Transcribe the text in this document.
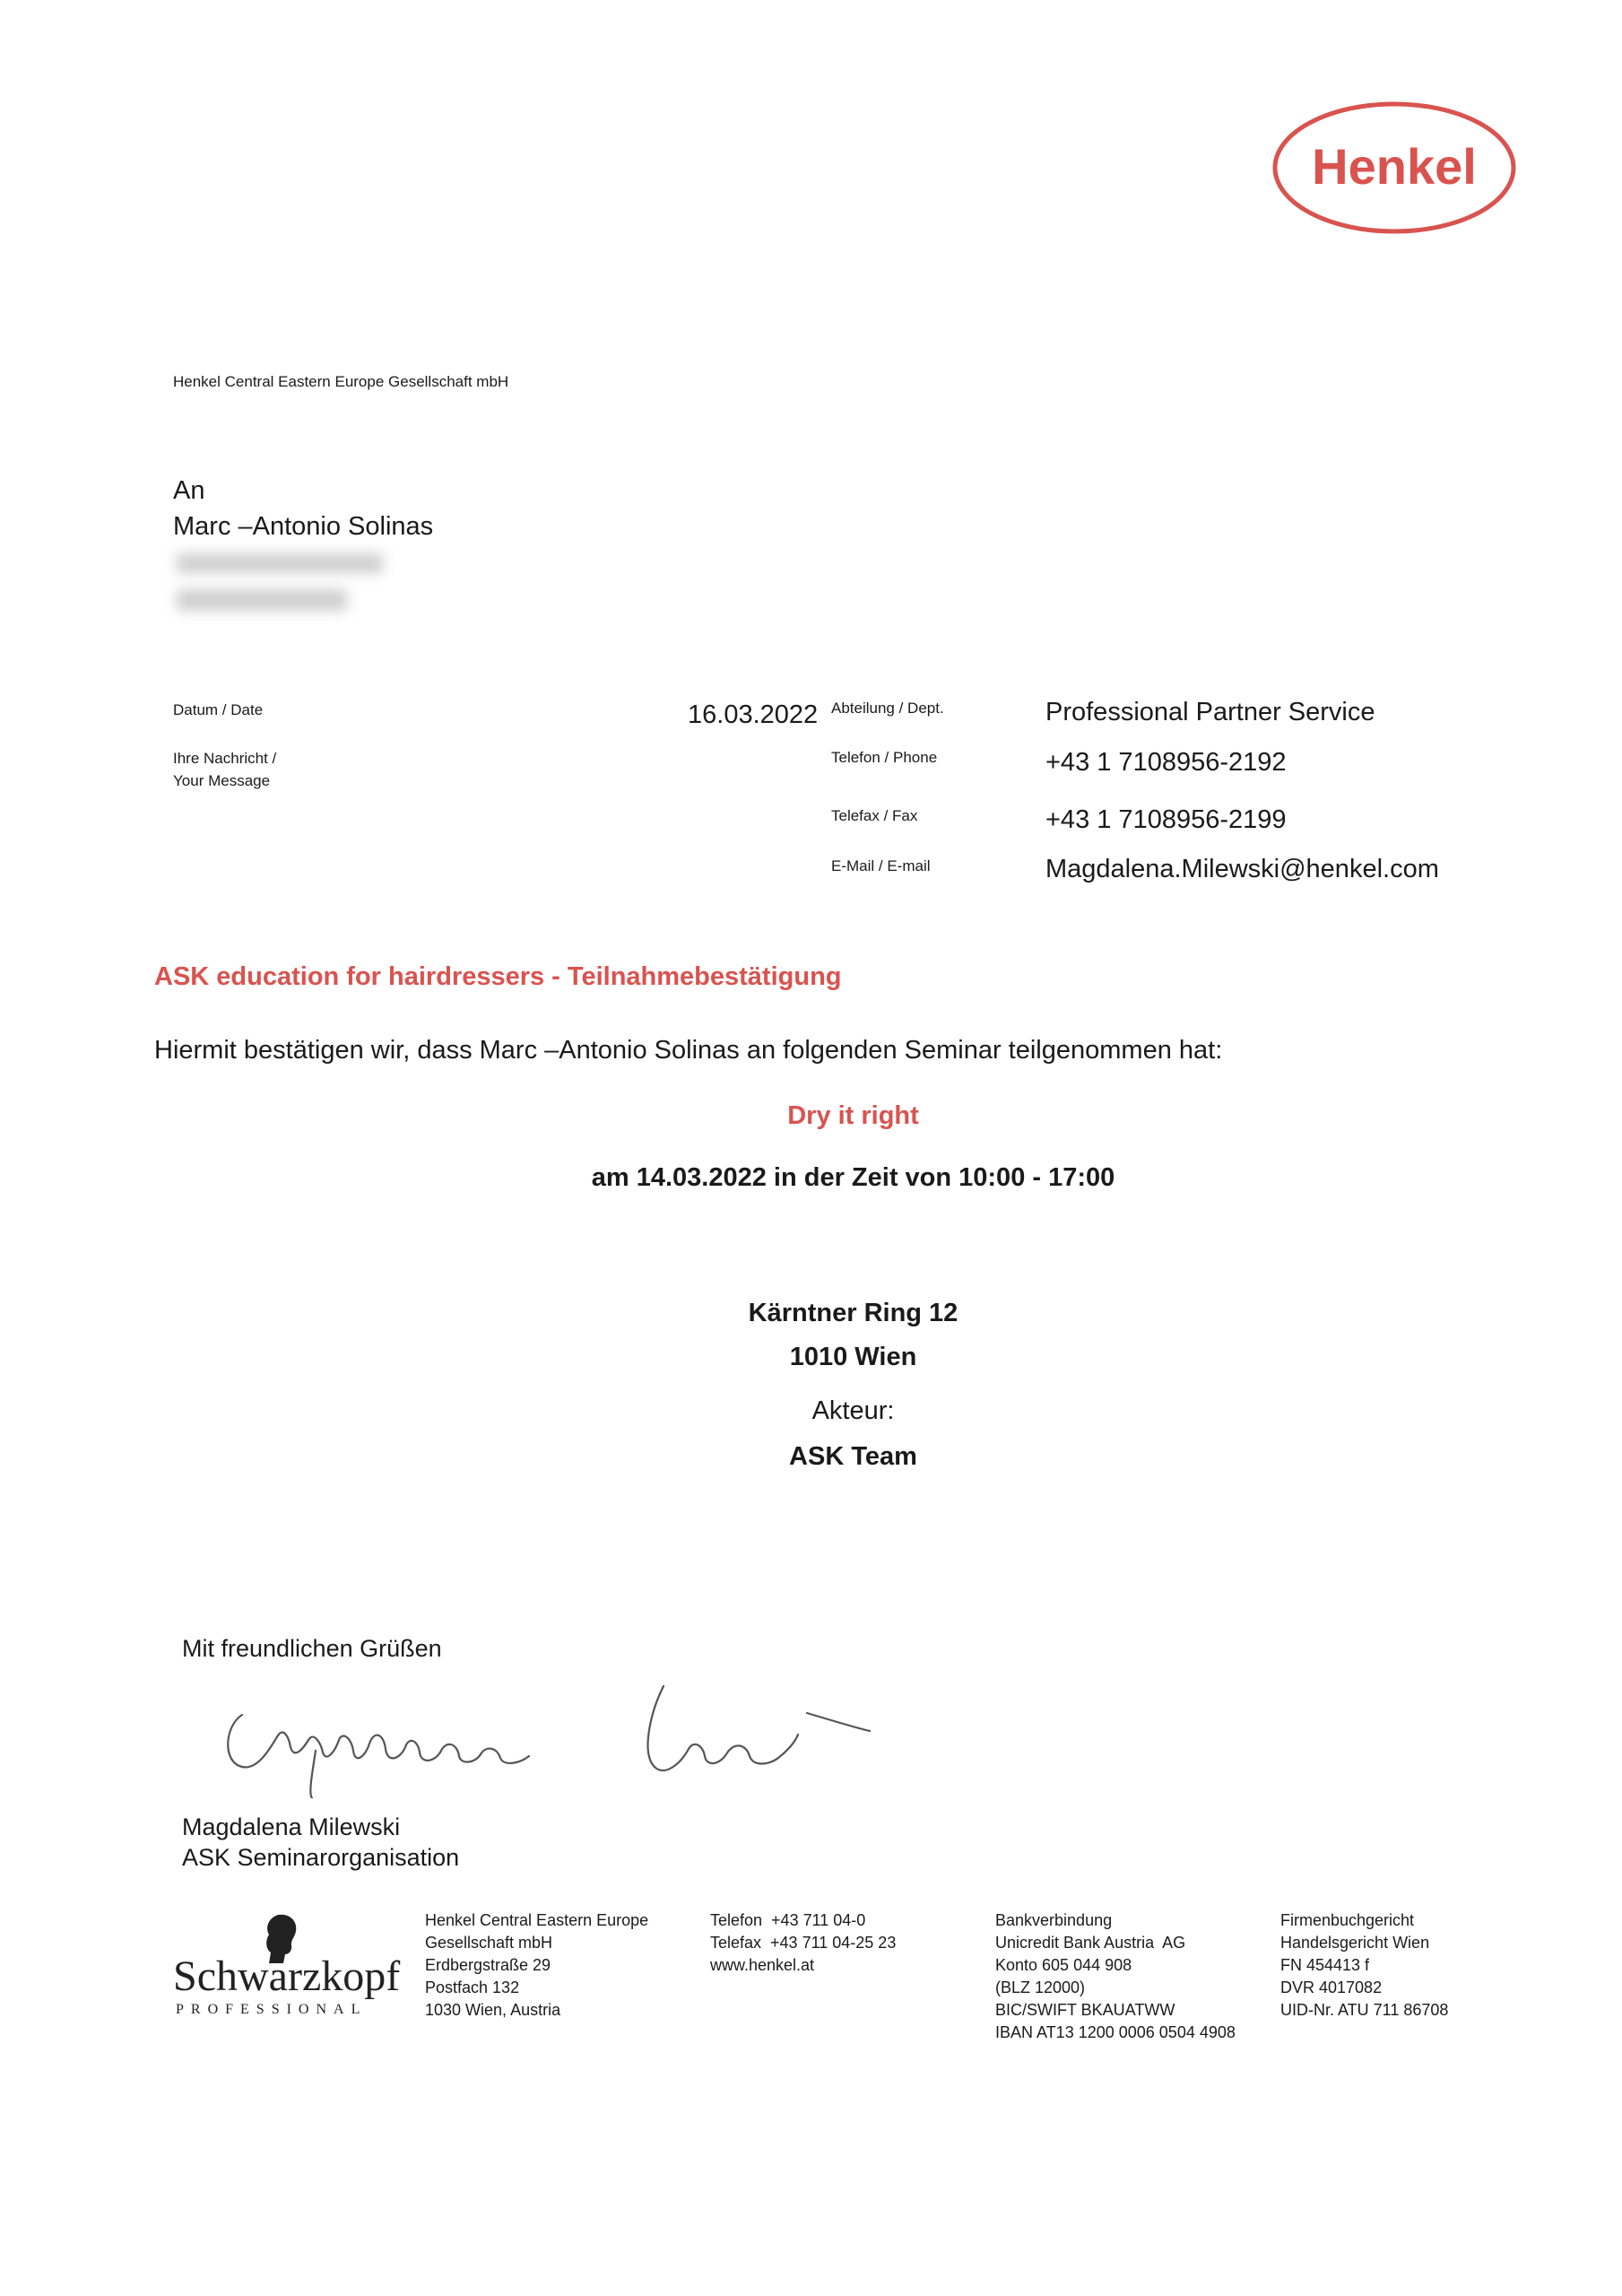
Henkel
Henkel Central Eastern Europe Gesellschaft mbH
An
Marc –Antonio Solinas
Datum / Date	16.03.2022
Ihre Nachricht /
Your Message
Abteilung / Dept.
Telefon / Phone
Telefax / Fax
E-Mail / E-mail
Professional Partner Service
+43 1 7108956-2192
+43 1 7108956-2199
Magdalena.Milewski@henkel.com
ASK education for hairdressers - Teilnahmebestätigung
Hiermit bestätigen wir, dass Marc –Antonio Solinas an folgenden Seminar teilgenommen hat:
Dry it right
am 14.03.2022 in der Zeit von 10:00 - 17:00
Kärntner Ring 12
1010 Wien
Akteur:
ASK Team
Mit freundlichen Grüßen
Magdalena Milewski
ASK Seminarorganisation
Schwarzkopf
PROFESSIONAL
Henkel Central Eastern Europe
Gesellschaft mbH
Erdbergstraße 29
Postfach 132
1030 Wien, Austria
Telefon  +43 711 04-0
Telefax  +43 711 04-25 23
www.henkel.at
Bankverbindung
Unicredit Bank Austria  AG
Konto 605 044 908
(BLZ 12000)
BIC/SWIFT BKAUATWW
IBAN AT13 1200 0006 0504 4908
Firmenbuchgericht
Handelsgericht Wien
FN 454413 f
DVR 4017082
UID-Nr. ATU 711 86708
